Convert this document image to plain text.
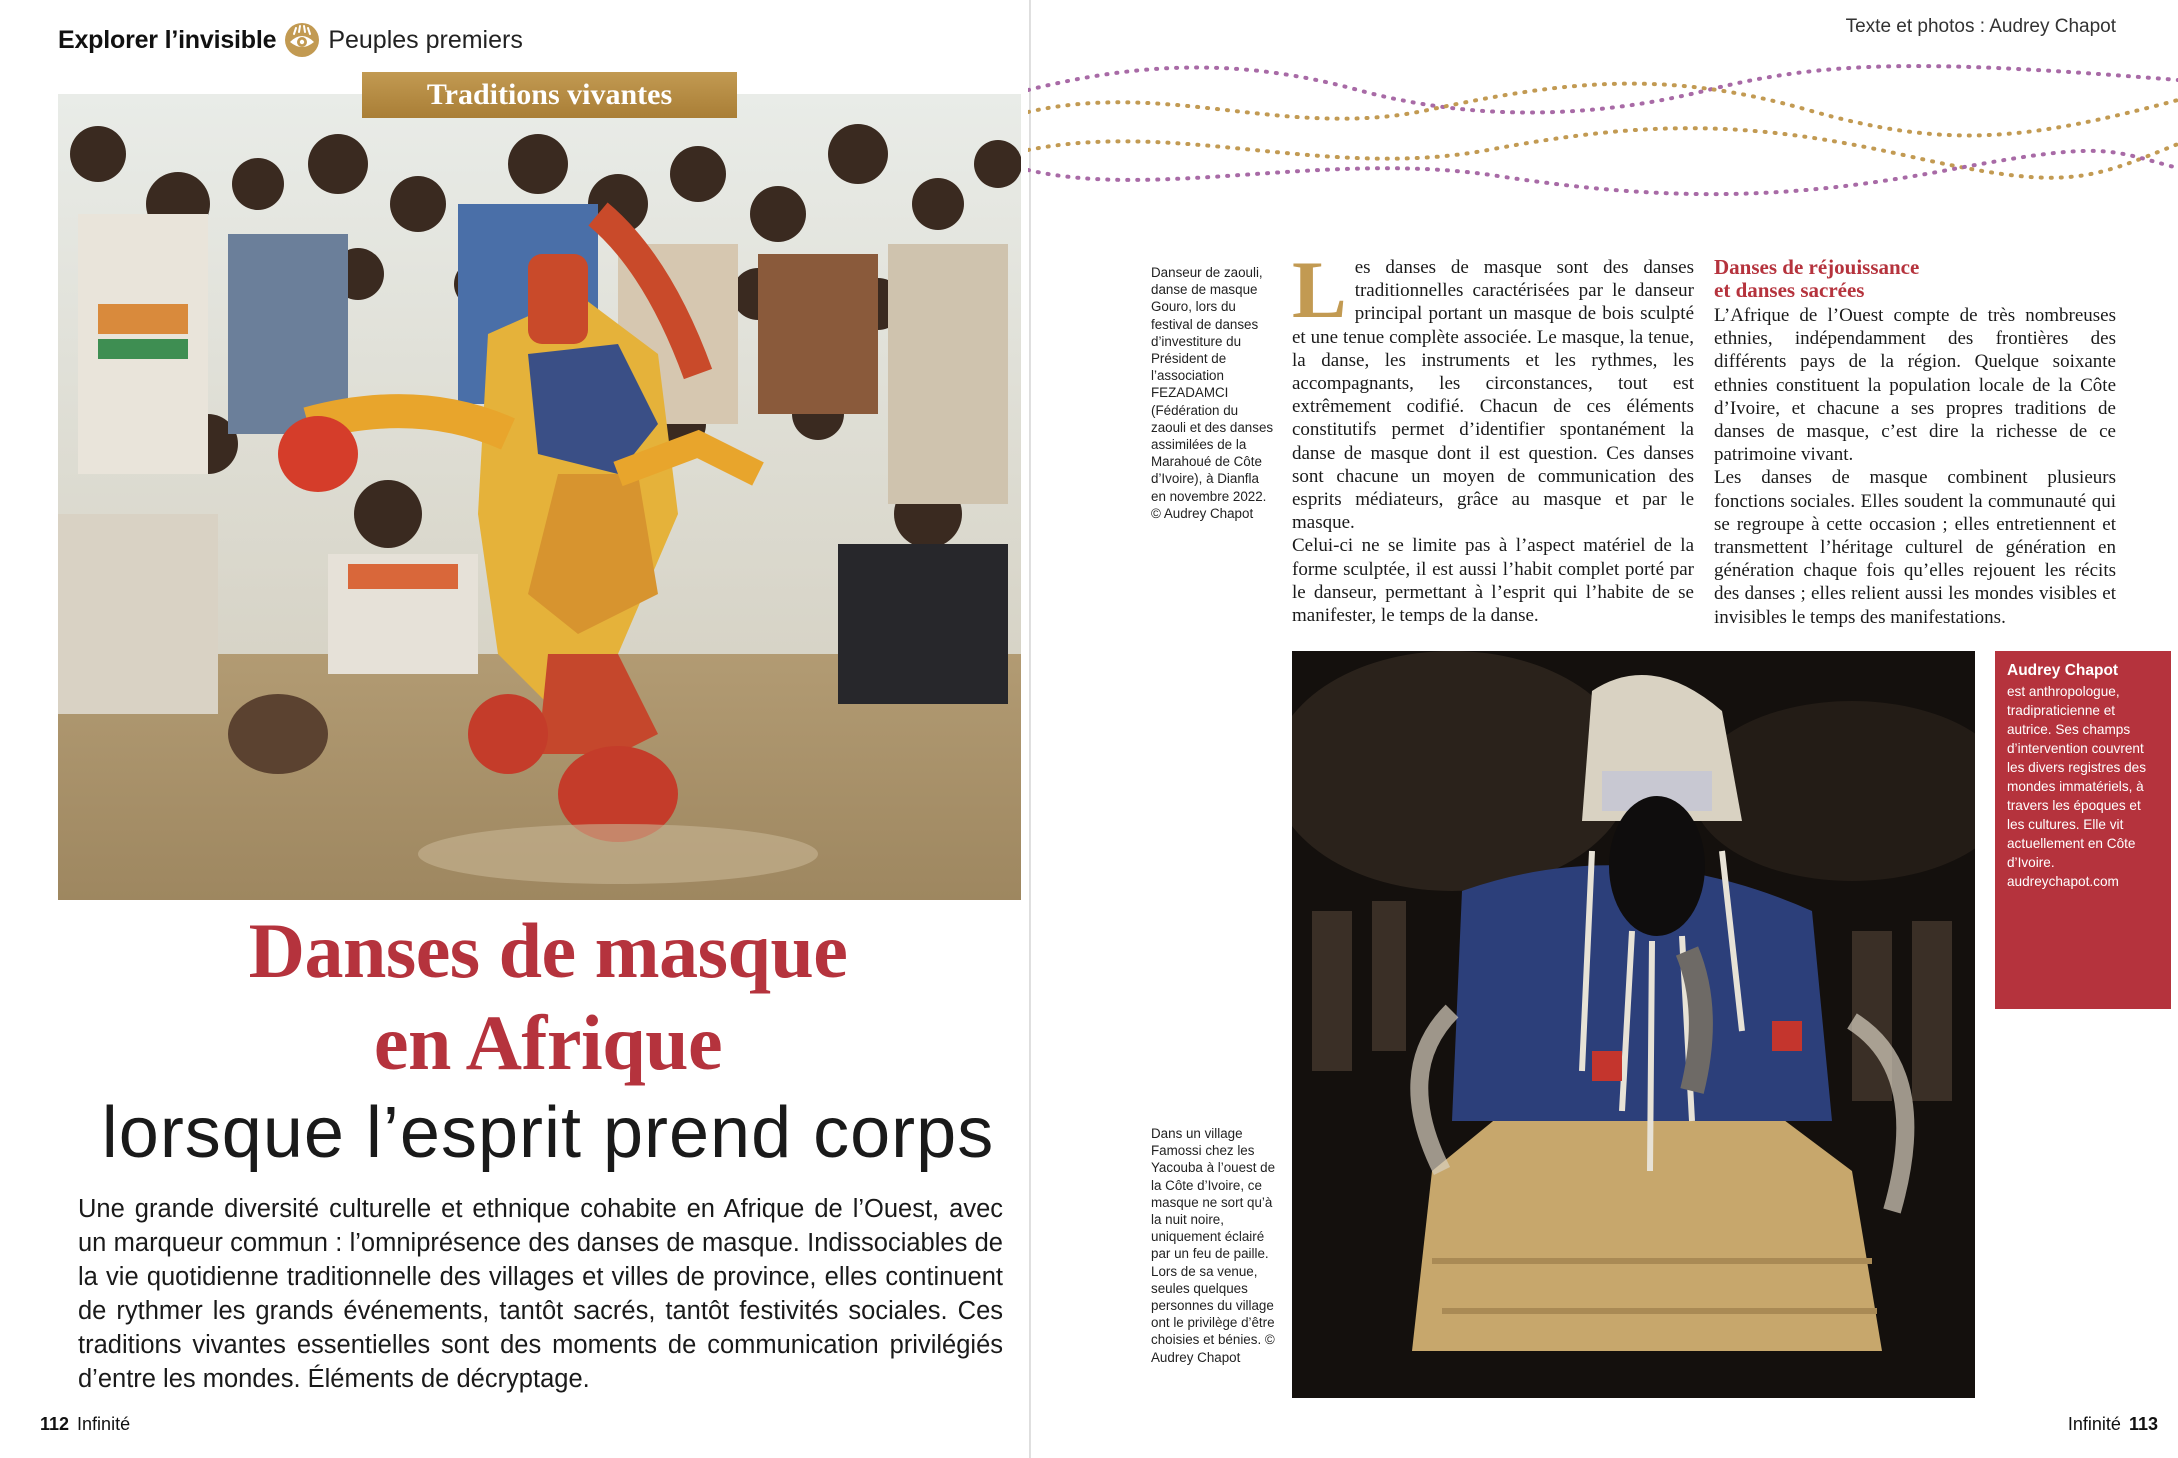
Explorer l’invisible Peuples premiers
Traditions vivantes
Danses de masque
en Afrique
lorsque l’esprit prend corps

Une grande diversité culturelle et ethnique cohabite en Afrique de l’Ouest, avec un marqueur commun : l’omniprésence des danses de masque. Indissociables de la vie quotidienne traditionnelle des villages et villes de province, elles continuent de rythmer les grands événements, tantôt sacrés, tantôt festivités sociales. Ces traditions vivantes essentielles sont des moments de communication privilégiés d’entre les mondes. Éléments de décryptage.

112 Infinité
Texte et photos : Audrey Chapot
Infinité 113
Danseur de zaouli, danse de masque Gouro, lors du festival de danses d’investiture du Président de l’association FEZADAMCI (Fédération du zaouli et des danses assimilées de la Marahoué de Côte d’Ivoire), à Dianfla en novembre 2022. © Audrey Chapot
L es danses de masque sont des danses traditionnelles caractérisées par le danseur principal portant un masque de bois sculpté et une tenue complète associée. Le masque, la tenue, la danse, les instruments et les rythmes, les accompagnants, les circonstances, tout est extrêmement codifié. Chacun de ces éléments constitutifs permet d’identifier spontanément la danse de masque dont il est question. Ces danses sont chacune un moyen de communication des esprits médiateurs, grâce au masque et par le masque.

Celui-ci ne se limite pas à l’aspect matériel de la forme sculptée, il est aussi l’habit complet porté par le danseur, permettant à l’esprit qui l’habite de se manifester, le temps de la danse.

Danses de réjouissance
et danses sacrées

L’Afrique de l’Ouest compte de très nombreuses ethnies, indépendamment des frontières des différents pays de la région. Quelque soixante ethnies constituent la population locale de la Côte d’Ivoire, et chacune a ses propres traditions de danses de masque, c’est dire la richesse de ce patrimoine vivant.

Les danses de masque combinent plusieurs fonctions sociales. Elles soudent la communauté qui se regroupe à cette occasion ; elles entretiennent et transmettent l’héritage culturel de génération en génération chaque fois qu’elles rejouent les récits des danses ; elles relient aussi les mondes visibles et invisibles le temps des manifestations.

Dans un village Famossi chez les Yacouba à l’ouest de la Côte d’Ivoire, ce masque ne sort qu’à la nuit noire, uniquement éclairé par un feu de paille. Lors de sa venue, seules quelques personnes du village ont le privilège d’être choisies et bénies. © Audrey Chapot
Audrey Chapot
est anthropologue, tradipraticienne et autrice. Ses champs d’intervention couvrent les divers registres des mondes immatériels, à travers les époques et les cultures. Elle vit actuellement en Côte d’Ivoire.
audreychapot.com
